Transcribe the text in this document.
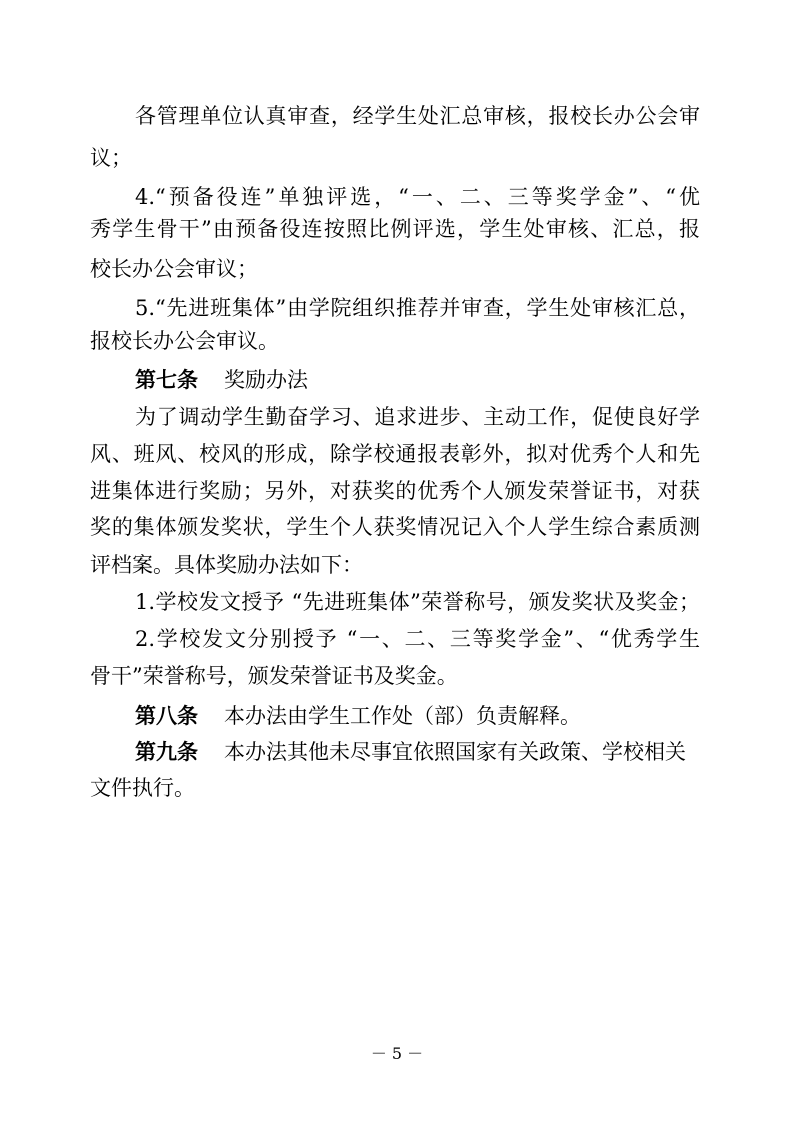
各管理单位认真审查，经学生处汇总审核，报校长办公会审
议；
4.“预备役连”单独评选，“一、二、三等奖学金”、“优
秀学生骨干”由预备役连按照比例评选，学生处审核、汇总，报
校长办公会审议；
5.“先进班集体”由学院组织推荐并审查，学生处审核汇总，
报校长办公会审议。
第七条 奖励办法
为了调动学生勤奋学习、追求进步、主动工作，促使良好学
风、班风、校风的形成，除学校通报表彰外，拟对优秀个人和先
进集体进行奖励；另外，对获奖的优秀个人颁发荣誉证书，对获
奖的集体颁发奖状，学生个人获奖情况记入个人学生综合素质测
评档案。具体奖励办法如下：
1.学校发文授予 “先进班集体”荣誉称号，颁发奖状及奖金；
2.学校发文分别授予 “一、二、三等奖学金”、“优秀学生
骨干”荣誉称号，颁发荣誉证书及奖金。
第八条 本办法由学生工作处（部）负责解释。
第九条 本办法其他未尽事宜依照国家有关政策、学校相关
文件执行。
－ 5 －
